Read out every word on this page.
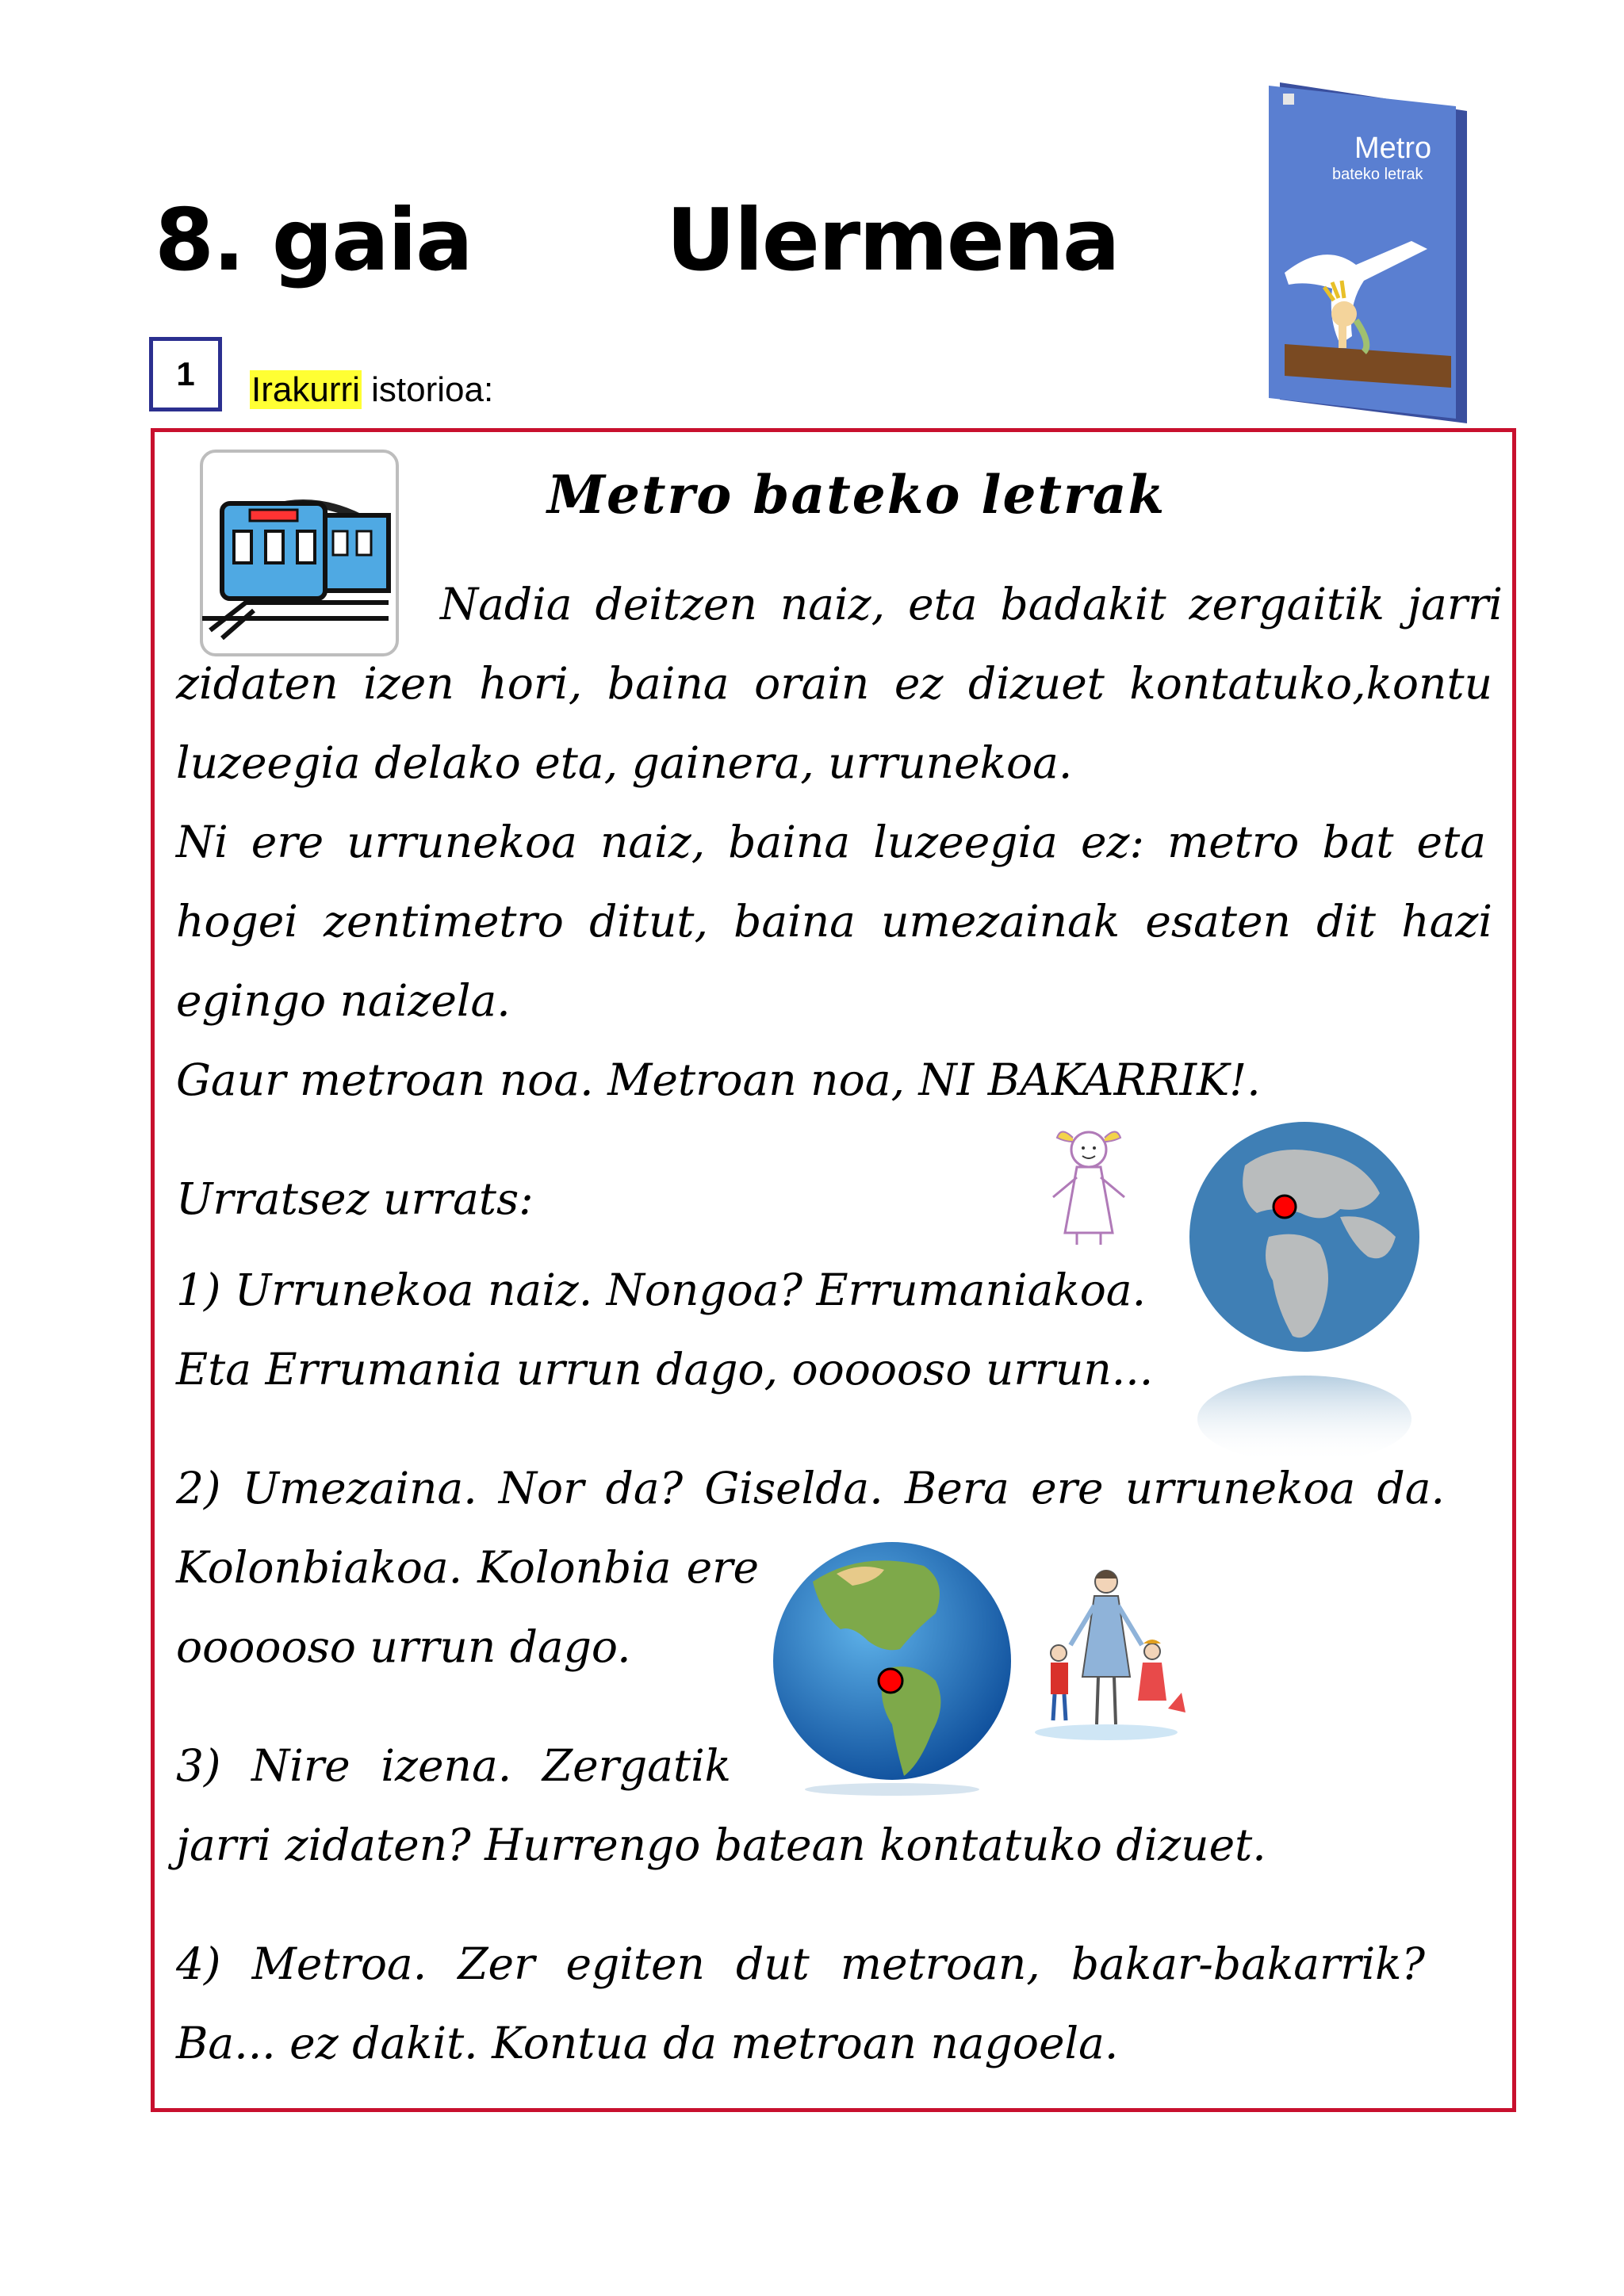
8. gaia Ulermena
1 Irakurri istorioa:
Metro
bateko letrak
Metro bateko letrak
Nadia deitzen naiz, eta badakit zergaitik jarri
zidaten izen hori, baina orain ez dizuet kontatuko,kontu
luzeegia delako eta, gainera, urrunekoa.
Ni ere urrunekoa naiz, baina luzeegia ez: metro bat eta
hogei zentimetro ditut, baina umezainak esaten dit hazi
egingo naizela.
Gaur metroan noa. Metroan noa, NI BAKARRIK!.
Urratsez urrats:
1) Urrunekoa naiz. Nongoa? Errumaniakoa.
Eta Errumania urrun dago, oooooso urrun...
2) Umezaina. Nor da? Giselda. Bera ere urrunekoa da.
Kolonbiakoa. Kolonbia ere
oooooso urrun dago.
3) Nire izena. Zergatik
jarri zidaten? Hurrengo batean kontatuko dizuet.
4) Metroa. Zer egiten dut metroan, bakar-bakarrik?
Ba... ez dakit. Kontua da metroan nagoela.
